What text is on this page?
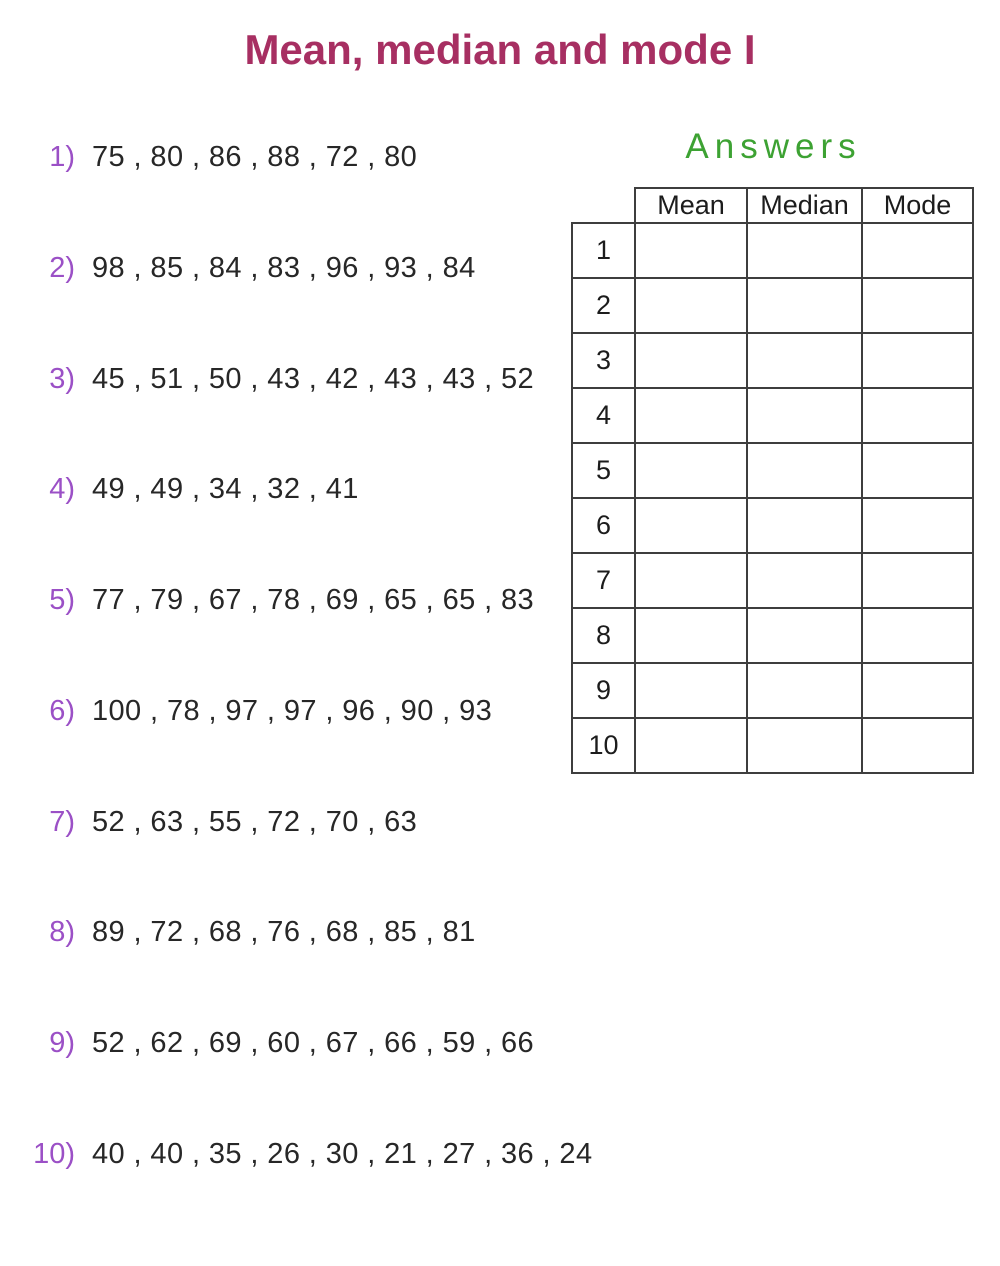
Mean, median and mode I
1) 75 , 80 , 86 , 88 , 72 , 80
2) 98 , 85 , 84 , 83 , 96 , 93 , 84
3) 45 , 51 , 50 , 43 , 42 , 43 , 43 , 52
4) 49 , 49 , 34 , 32 , 41
5) 77 , 79 , 67 , 78 , 69 , 65 , 65 , 83
6) 100 , 78 , 97 , 97 , 96 , 90 , 93
7) 52 , 63 , 55 , 72 , 70 , 63
8) 89 , 72 , 68 , 76 , 68 , 85 , 81
9) 52 , 62 , 69 , 60 , 67 , 66 , 59 , 66
10) 40 , 40 , 35 , 26 , 30 , 21 , 27 , 36 , 24
Answers
	Mean	Median	Mode
1			
2			
3			
4			
5			
6			
7			
8			
9			
10			
